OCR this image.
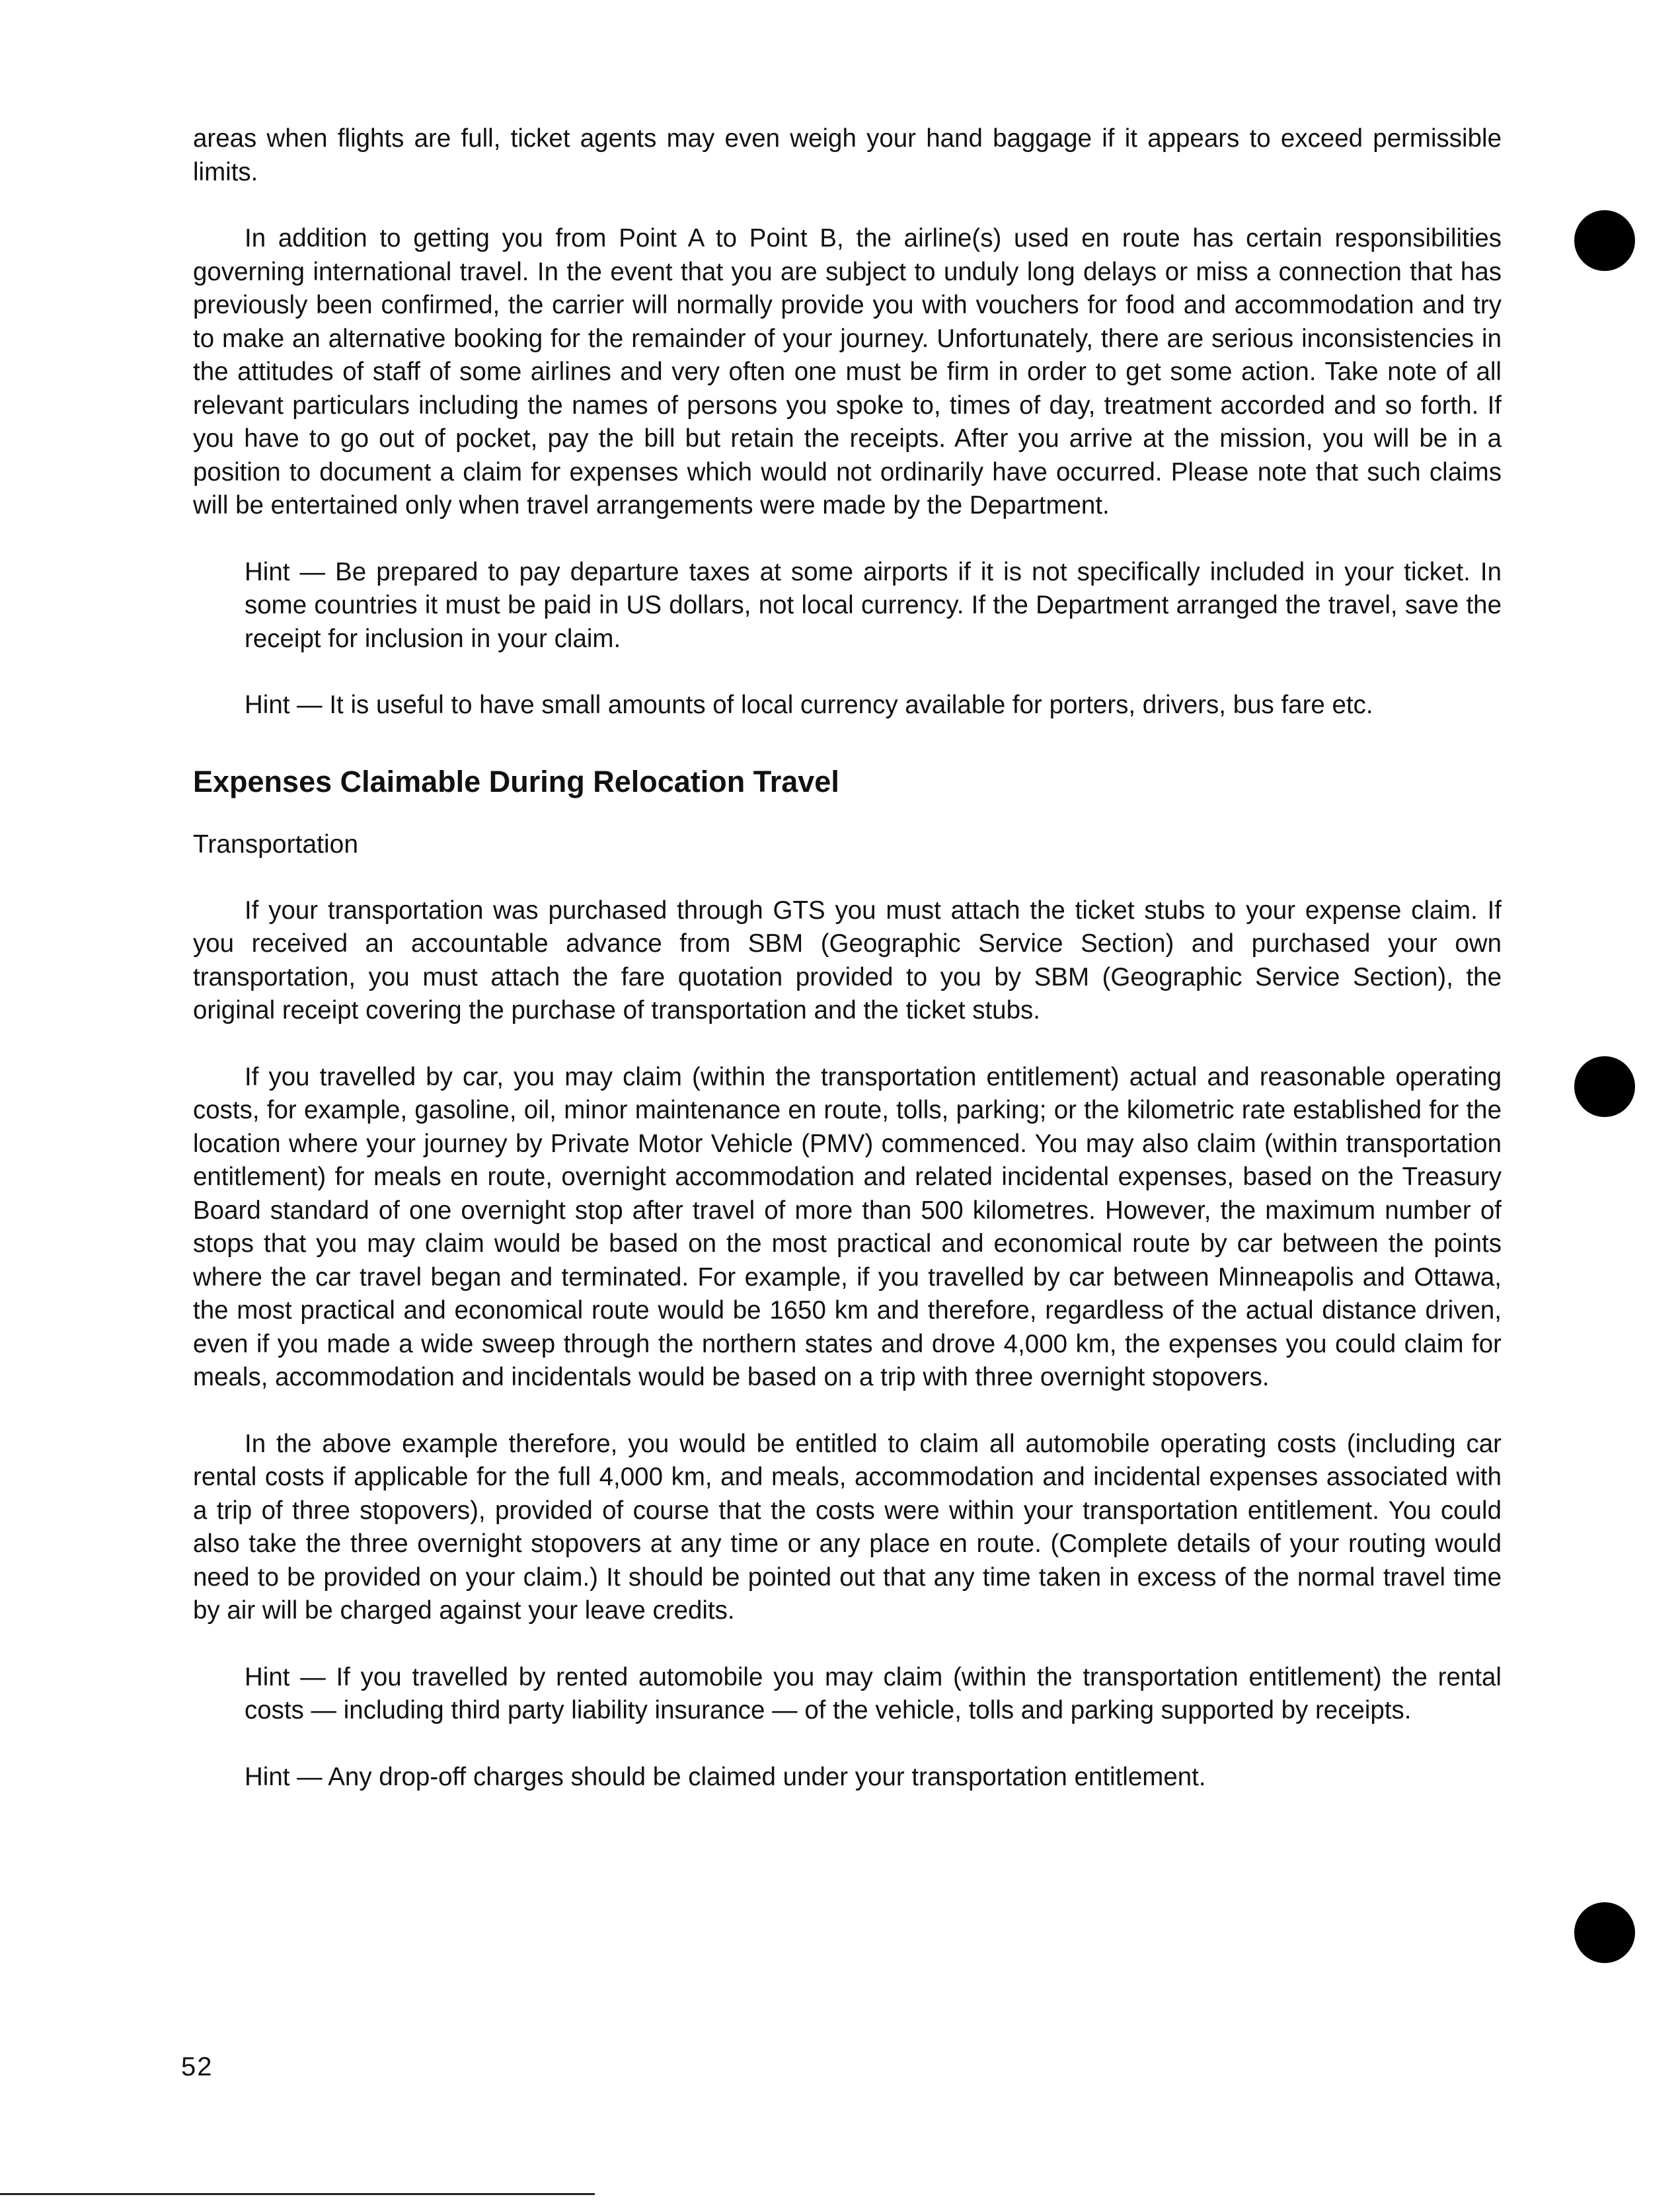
areas when flights are full, ticket agents may even weigh your hand baggage if it appears to exceed permissible limits.

In addition to getting you from Point A to Point B, the airline(s) used en route has certain responsibilities governing international travel. In the event that you are subject to unduly long delays or miss a connection that has previously been confirmed, the carrier will normally provide you with vouchers for food and accommodation and try to make an alternative booking for the remainder of your journey. Unfortunately, there are serious inconsistencies in the attitudes of staff of some airlines and very often one must be firm in order to get some action. Take note of all relevant particulars including the names of persons you spoke to, times of day, treatment accorded and so forth. If you have to go out of pocket, pay the bill but retain the receipts. After you arrive at the mission, you will be in a position to document a claim for expenses which would not ordinarily have occurred. Please note that such claims will be entertained only when travel arrangements were made by the Department.

Hint — Be prepared to pay departure taxes at some airports if it is not specifically included in your ticket. In some countries it must be paid in US dollars, not local currency. If the Department arranged the travel, save the receipt for inclusion in your claim.

Hint — It is useful to have small amounts of local currency available for porters, drivers, bus fare etc.

Expenses Claimable During Relocation Travel
Transportation

If your transportation was purchased through GTS you must attach the ticket stubs to your expense claim. If you received an accountable advance from SBM (Geographic Service Section) and purchased your own transportation, you must attach the fare quotation provided to you by SBM (Geographic Service Section), the original receipt covering the purchase of transportation and the ticket stubs.

If you travelled by car, you may claim (within the transportation entitlement) actual and reasonable operating costs, for example, gasoline, oil, minor maintenance en route, tolls, parking; or the kilometric rate established for the location where your journey by Private Motor Vehicle (PMV) commenced. You may also claim (within transportation entitlement) for meals en route, overnight accommodation and related incidental expenses, based on the Treasury Board standard of one overnight stop after travel of more than 500 kilometres. However, the maximum number of stops that you may claim would be based on the most practical and economical route by car between the points where the car travel began and terminated. For example, if you travelled by car between Minneapolis and Ottawa, the most practical and economical route would be 1650 km and therefore, regardless of the actual distance driven, even if you made a wide sweep through the northern states and drove 4,000 km, the expenses you could claim for meals, accommodation and incidentals would be based on a trip with three overnight stopovers.

In the above example therefore, you would be entitled to claim all automobile operating costs (including car rental costs if applicable for the full 4,000 km, and meals, accommodation and incidental expenses associated with a trip of three stopovers), provided of course that the costs were within your transportation entitlement. You could also take the three overnight stopovers at any time or any place en route. (Complete details of your routing would need to be provided on your claim.) It should be pointed out that any time taken in excess of the normal travel time by air will be charged against your leave credits.

Hint — If you travelled by rented automobile you may claim (within the transportation entitlement) the rental costs — including third party liability insurance — of the vehicle, tolls and parking supported by receipts.

Hint — Any drop-off charges should be claimed under your transportation entitlement.

52
